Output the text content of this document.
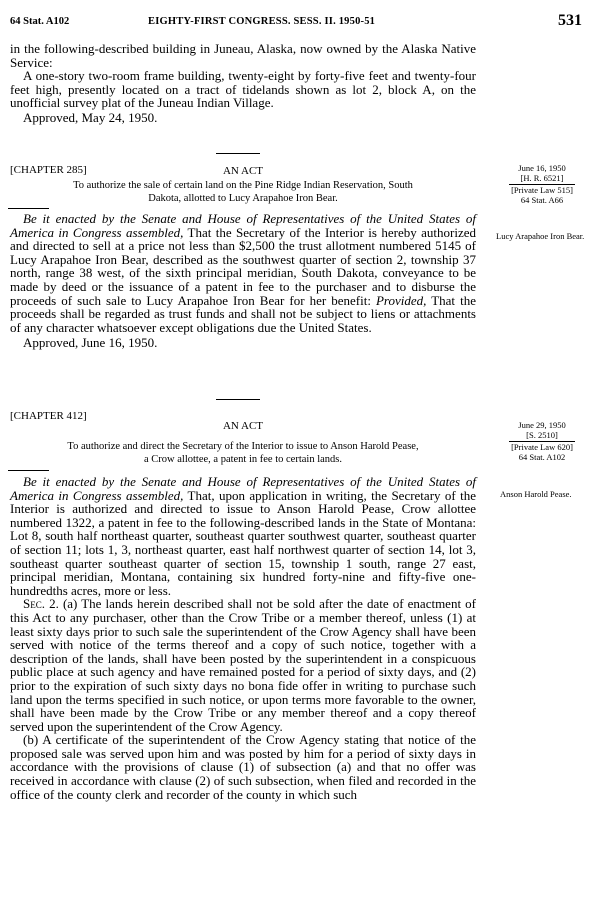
64 Stat. A102	EIGHTY-FIRST CONGRESS. SESS. II. 1950-51	531

in the following-described building in Juneau, Alaska, now owned by the Alaska Native Service:

A one-story two-room frame building, twenty-eight by forty-five feet and twenty-four feet high, presently located on a tract of tidelands shown as lot 2, block A, on the unofficial survey plat of the Juneau Indian Village.

Approved, May 24, 1950.

[CHAPTER 285]	AN ACT
To authorize the sale of certain land on the Pine Ridge Indian Reservation, South
Dakota, allotted to Lucy Arapahoe Iron Bear.
June 16, 1950
[H. R. 6521]
[Private Law 515]
64 Stat. A66
Lucy Arapahoe Iron Bear.

Be it enacted by the Senate and House of Representatives of the United States of America in Congress assembled, That the Secretary of the Interior is hereby authorized and directed to sell at a price not less than $2,500 the trust allotment numbered 5145 of Lucy Arapahoe Iron Bear, described as the southwest quarter of section 2, township 37 north, range 38 west, of the sixth principal meridian, South Dakota, conveyance to be made by deed or the issuance of a patent in fee to the purchaser and to disburse the proceeds of such sale to Lucy Arapahoe Iron Bear for her benefit: Provided, That the proceeds shall be regarded as trust funds and shall not be subject to liens or attachments of any character whatsoever except obligations due the United States.

Approved, June 16, 1950.

[CHAPTER 412]
AN ACT
To authorize and direct the Secretary of the Interior to issue to Anson Harold Pease,
a Crow allottee, a patent in fee to certain lands.
June 29, 1950
[S. 2510]
[Private Law 620]
64 Stat. A102
Anson Harold Pease.

Be it enacted by the Senate and House of Representatives of the United States of America in Congress assembled, That, upon application in writing, the Secretary of the Interior is authorized and directed to issue to Anson Harold Pease, Crow allottee numbered 1322, a patent in fee to the following-described lands in the State of Montana: Lot 8, south half northeast quarter, southeast quarter southwest quarter, southeast quarter of section 11; lots 1, 3, northeast quarter, east half northwest quarter of section 14, lot 3, southeast quarter southeast quarter of section 15, township 1 south, range 27 east, principal meridian, Montana, containing six hundred forty-nine and fifty-five one-hundredths acres, more or less.

Sec. 2. (a) The lands herein described shall not be sold after the date of enactment of this Act to any purchaser, other than the Crow Tribe or a member thereof, unless (1) at least sixty days prior to such sale the superintendent of the Crow Agency shall have been served with notice of the terms thereof and a copy of such notice, together with a description of the lands, shall have been posted by the superintendent in a conspicuous public place at such agency and have remained posted for a period of sixty days, and (2) prior to the expiration of such sixty days no bona fide offer in writing to purchase such land upon the terms specified in such notice, or upon terms more favorable to the owner, shall have been made by the Crow Tribe or any member thereof and a copy thereof served upon the superintendent of the Crow Agency.

(b) A certificate of the superintendent of the Crow Agency stating that notice of the proposed sale was served upon him and was posted by him for a period of sixty days in accordance with the provisions of clause (1) of subsection (a) and that no offer was received in accordance with clause (2) of such subsection, when filed and recorded in the office of the county clerk and recorder of the county in which such
